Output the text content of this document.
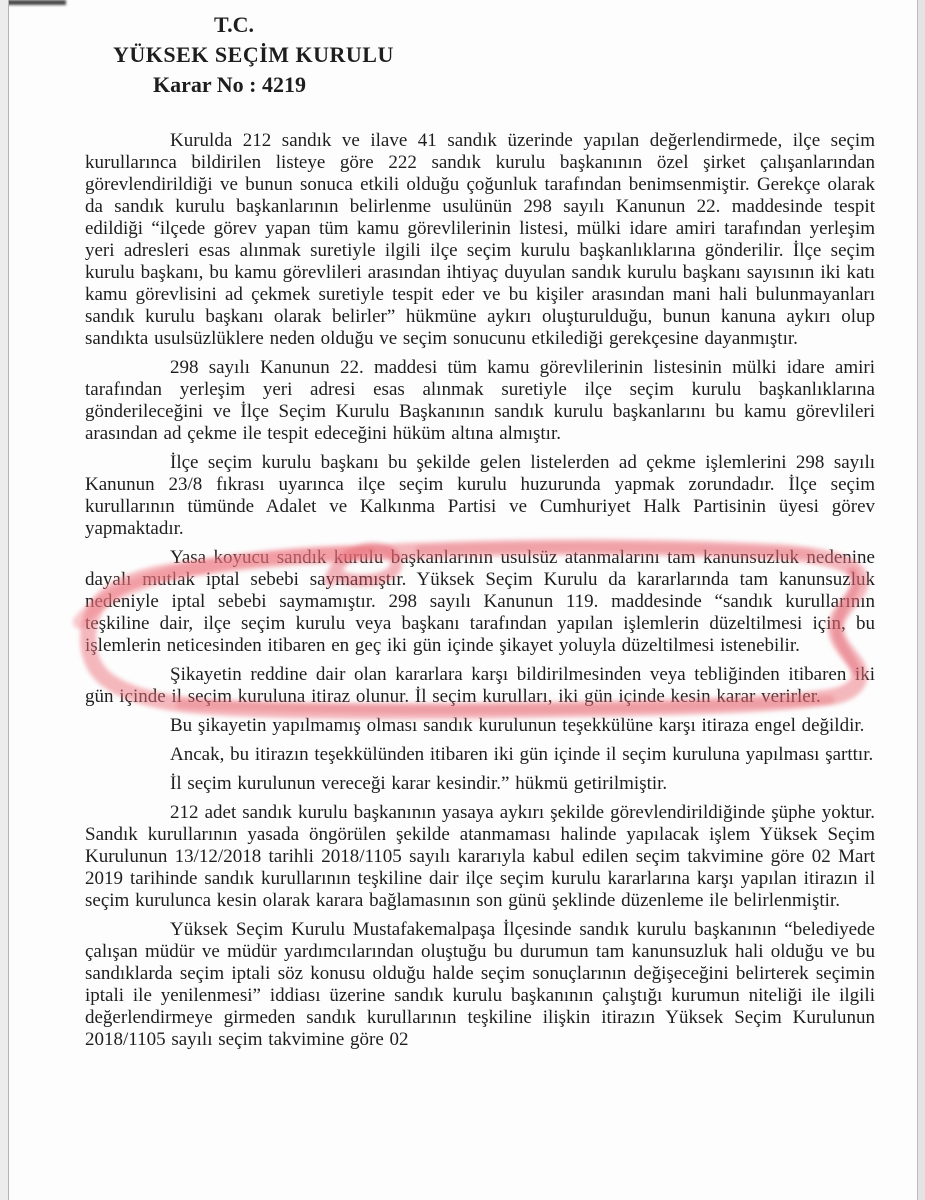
T.C.
YÜKSEK SEÇİM KURULU
Karar No : 4219

Kurulda 212 sandık ve ilave 41 sandık üzerinde yapılan değerlendirmede, ilçe seçim kurullarınca bildirilen listeye göre 222 sandık kurulu başkanının özel şirket çalışanlarından görevlendirildiği ve bunun sonuca etkili olduğu çoğunluk tarafından benimsenmiştir. Gerekçe olarak da sandık kurulu başkanlarının belirlenme usulünün 298 sayılı Kanunun 22. maddesinde tespit edildiği “ilçede görev yapan tüm kamu görevlilerinin listesi, mülki idare amiri tarafından yerleşim yeri adresleri esas alınmak suretiyle ilgili ilçe seçim kurulu başkanlıklarına gönderilir. İlçe seçim kurulu başkanı, bu kamu görevlileri arasından ihtiyaç duyulan sandık kurulu başkanı sayısının iki katı kamu görevlisini ad çekmek suretiyle tespit eder ve bu kişiler arasından mani hali bulunmayanları sandık kurulu başkanı olarak belirler” hükmüne aykırı oluşturulduğu, bunun kanuna aykırı olup sandıkta usulsüzlüklere neden olduğu ve seçim sonucunu etkilediği gerekçesine dayanmıştır.

298 sayılı Kanunun 22. maddesi tüm kamu görevlilerinin listesinin mülki idare amiri tarafından yerleşim yeri adresi esas alınmak suretiyle ilçe seçim kurulu başkanlıklarına gönderileceğini ve İlçe Seçim Kurulu Başkanının sandık kurulu başkanlarını bu kamu görevlileri arasından ad çekme ile tespit edeceğini hüküm altına almıştır.

İlçe seçim kurulu başkanı bu şekilde gelen listelerden ad çekme işlemlerini 298 sayılı Kanunun 23/8 fıkrası uyarınca ilçe seçim kurulu huzurunda yapmak zorundadır. İlçe seçim kurullarının tümünde Adalet ve Kalkınma Partisi ve Cumhuriyet Halk Partisinin üyesi görev yapmaktadır.

Yasa koyucu sandık kurulu başkanlarının usulsüz atanmalarını tam kanunsuzluk nedenine dayalı mutlak iptal sebebi saymamıştır. Yüksek Seçim Kurulu da kararlarında tam kanunsuzluk nedeniyle iptal sebebi saymamıştır. 298 sayılı Kanunun 119. maddesinde “sandık kurullarının teşkiline dair, ilçe seçim kurulu veya başkanı tarafından yapılan işlemlerin düzeltilmesi için, bu işlemlerin neticesinden itibaren en geç iki gün içinde şikayet yoluyla düzeltilmesi istenebilir.

Şikayetin reddine dair olan kararlara karşı bildirilmesinden veya tebliğinden itibaren iki gün içinde il seçim kuruluna itiraz olunur. İl seçim kurulları, iki gün içinde kesin karar verirler.

Bu şikayetin yapılmamış olması sandık kurulunun teşekkülüne karşı itiraza engel değildir.

Ancak, bu itirazın teşekkülünden itibaren iki gün içinde il seçim kuruluna yapılması şarttır.

İl seçim kurulunun vereceği karar kesindir.” hükmü getirilmiştir.

212 adet sandık kurulu başkanının yasaya aykırı şekilde görevlendirildiğinde şüphe yoktur. Sandık kurullarının yasada öngörülen şekilde atanmaması halinde yapılacak işlem Yüksek Seçim Kurulunun 13/12/2018 tarihli 2018/1105 sayılı kararıyla kabul edilen seçim takvimine göre 02 Mart 2019 tarihinde sandık kurullarının teşkiline dair ilçe seçim kurulu kararlarına karşı yapılan itirazın il seçim kurulunca kesin olarak karara bağlamasının son günü şeklinde düzenleme ile belirlenmiştir.

Yüksek Seçim Kurulu Mustafakemalpaşa İlçesinde sandık kurulu başkanının “belediyede çalışan müdür ve müdür yardımcılarından oluştuğu bu durumun tam kanunsuzluk hali olduğu ve bu sandıklarda seçim iptali söz konusu olduğu halde seçim sonuçlarının değişeceğini belirterek seçimin iptali ile yenilenmesi” iddiası üzerine sandık kurulu başkanının çalıştığı kurumun niteliği ile ilgili değerlendirmeye girmeden sandık kurullarının teşkiline ilişkin itirazın Yüksek Seçim Kurulunun 2018/1105 sayılı seçim takvimine göre 02
